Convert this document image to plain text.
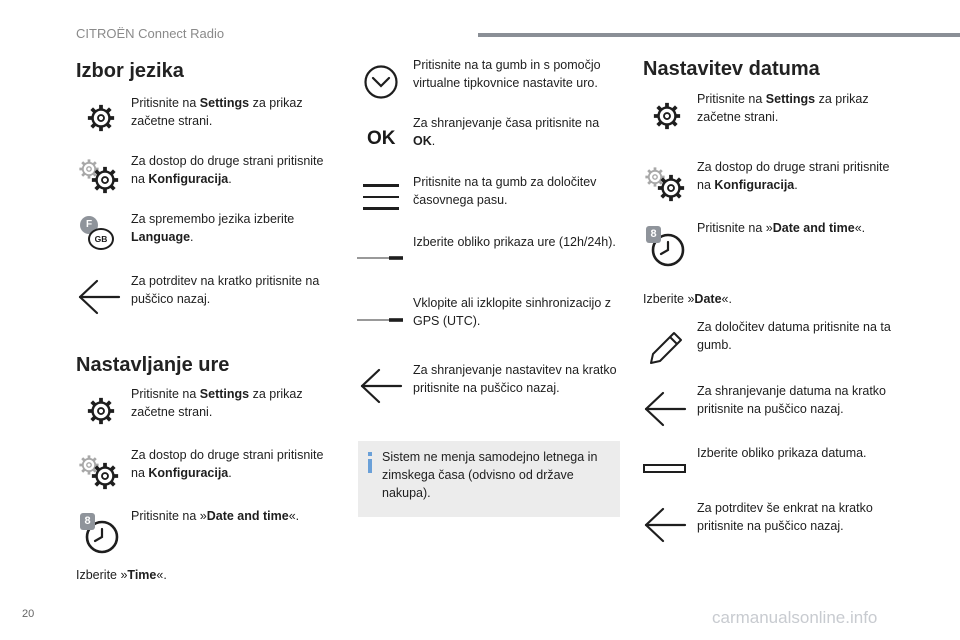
CITROËN Connect Radio
Izbor jezika
Pritisnite na Settings za prikaz začetne strani.
Za dostop do druge strani pritisnite na Konfiguracija.
F
GB
Za spremembo jezika izberite Language.
Za potrditev na kratko pritisnite na puščico nazaj.
Nastavljanje ure
Pritisnite na Settings za prikaz začetne strani.
Za dostop do druge strani pritisnite na Konfiguracija.
8	Pritisnite na »Date and time«.
Izberite »Time«.
Pritisnite na ta gumb in s pomočjo virtualne tipkovnice nastavite uro.
OK
Za shranjevanje časa pritisnite na OK.
Pritisnite na ta gumb za določitev časovnega pasu.
Izberite obliko prikaza ure (12h/24h).
Vklopite ali izklopite sinhronizacijo z GPS (UTC).
Za shranjevanje nastavitev na kratko pritisnite na puščico nazaj.
Sistem ne menja samodejno letnega in zimskega časa (odvisno od države nakupa).
Nastavitev datuma
Pritisnite na Settings za prikaz začetne strani.
Za dostop do druge strani pritisnite na Konfiguracija.
8	Pritisnite na »Date and time«.
Izberite »Date«.
Za določitev datuma pritisnite na ta gumb.
Za shranjevanje datuma na kratko pritisnite na puščico nazaj.
Izberite obliko prikaza datuma.
Za potrditev še enkrat na kratko pritisnite na puščico nazaj.
20	carmanualsonline.info
